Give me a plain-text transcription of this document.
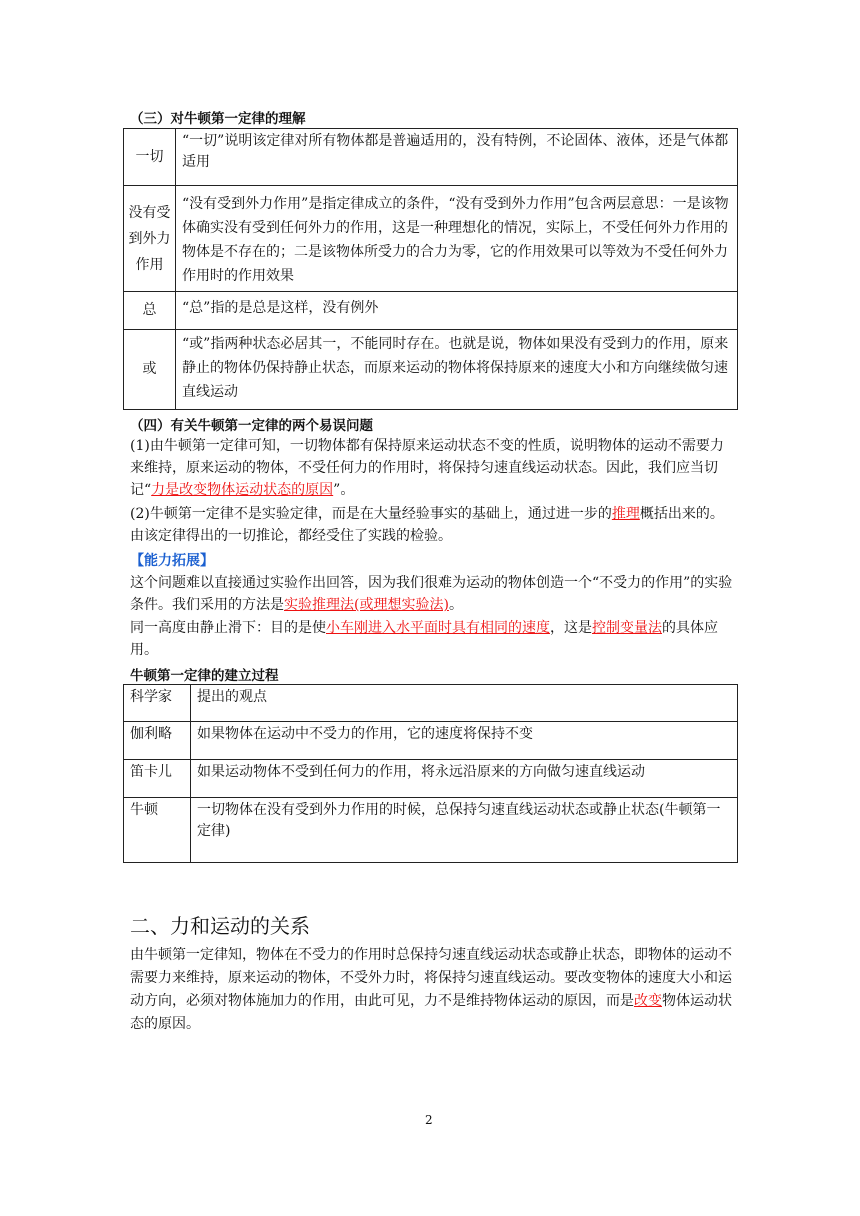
（三）对牛顿第一定律的理解
一切	“一切”说明该定律对所有物体都是普遍适用的，没有特例，不论固体、液体，还是气体都适用
没有受到外力作用	“没有受到外力作用”是指定律成立的条件，“没有受到外力作用”包含两层意思：一是该物体确实没有受到任何外力的作用，这是一种理想化的情况，实际上，不受任何外力作用的物体是不存在的；二是该物体所受力的合力为零，它的作用效果可以等效为不受任何外力作用时的作用效果
总	“总”指的是总是这样，没有例外
或	“或”指两种状态必居其一，不能同时存在。也就是说，物体如果没有受到力的作用，原来静止的物体仍保持静止状态，而原来运动的物体将保持原来的速度大小和方向继续做匀速直线运动
（四）有关牛顿第一定律的两个易误问题
(1)由牛顿第一定律可知，一切物体都有保持原来运动状态不变的性质，说明物体的运动不需要力来维持，原来运动的物体，不受任何力的作用时，将保持匀速直线运动状态。因此，我们应当切记“力是改变物体运动状态的原因”。
(2)牛顿第一定律不是实验定律，而是在大量经验事实的基础上，通过进一步的推理概括出来的。由该定律得出的一切推论，都经受住了实践的检验。
【能力拓展】
这个问题难以直接通过实验作出回答，因为我们很难为运动的物体创造一个“不受力的作用”的实验条件。我们采用的方法是实验推理法(或理想实验法)。
同一高度由静止滑下：目的是使小车刚进入水平面时具有相同的速度，这是控制变量法的具体应用。
牛顿第一定律的建立过程
科学家	提出的观点
伽利略	如果物体在运动中不受力的作用，它的速度将保持不变
笛卡儿	如果运动物体不受到任何力的作用，将永远沿原来的方向做匀速直线运动
牛顿	一切物体在没有受到外力作用的时候，总保持匀速直线运动状态或静止状态(牛顿第一定律)
二、力和运动的关系
由牛顿第一定律知，物体在不受力的作用时总保持匀速直线运动状态或静止状态，即物体的运动不需要力来维持，原来运动的物体，不受外力时，将保持匀速直线运动。要改变物体的速度大小和运动方向，必须对物体施加力的作用，由此可见，力不是维持物体运动的原因，而是改变物体运动状态的原因。
2
